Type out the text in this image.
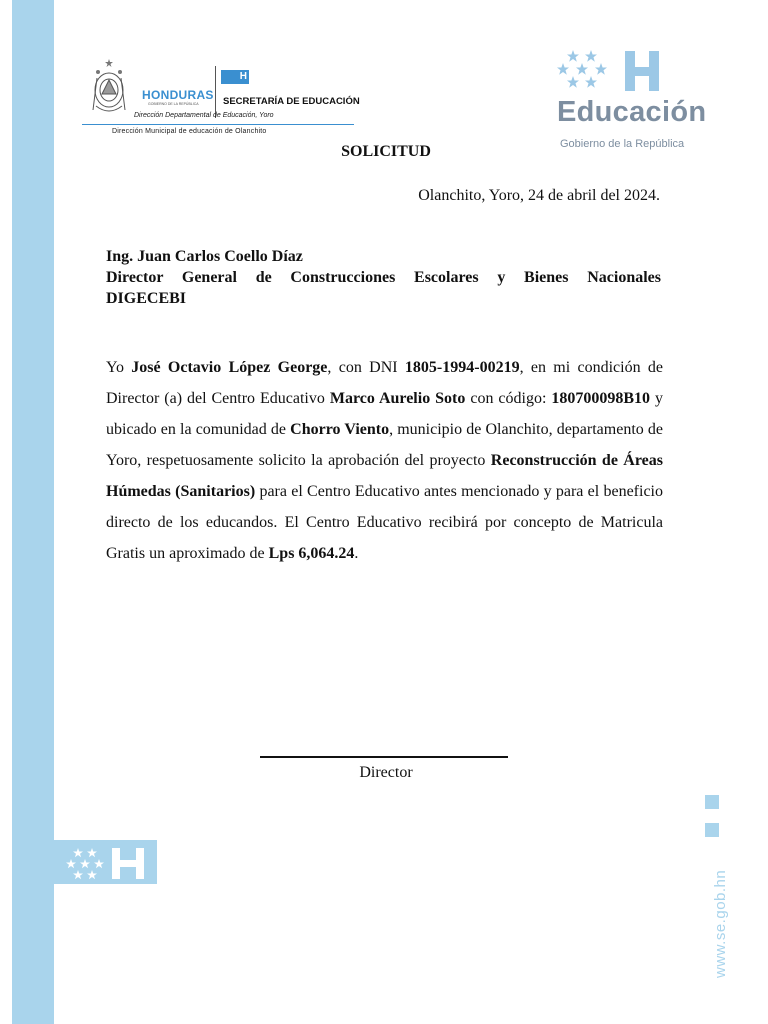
HONDURAS
GOBIERNO DE LA REPÚBLICA
H
SECRETARÍA DE EDUCACIÓN
Dirección Departamental de Educación, Yoro
Dirección Municipal de educación de Olanchito
Educación
Gobierno de la República
SOLICITUD
Olanchito, Yoro, 24 de abril del 2024.
Ing. Juan Carlos Coello Díaz
Director General de Construcciones Escolares y Bienes Nacionales
DIGECEBI
Yo José Octavio López George, con DNI 1805-1994-00219, en mi condición de Director (a) del Centro Educativo Marco Aurelio Soto con código: 180700098B10 y ubicado en la comunidad de Chorro Viento, municipio de Olanchito, departamento de Yoro, respetuosamente solicito la aprobación del proyecto Reconstrucción de Áreas Húmedas (Sanitarios) para el Centro Educativo antes mencionado y para el beneficio directo de los educandos. El Centro Educativo recibirá por concepto de Matricula Gratis un aproximado de Lps 6,064.24.
Director
www.se.gob.hn
